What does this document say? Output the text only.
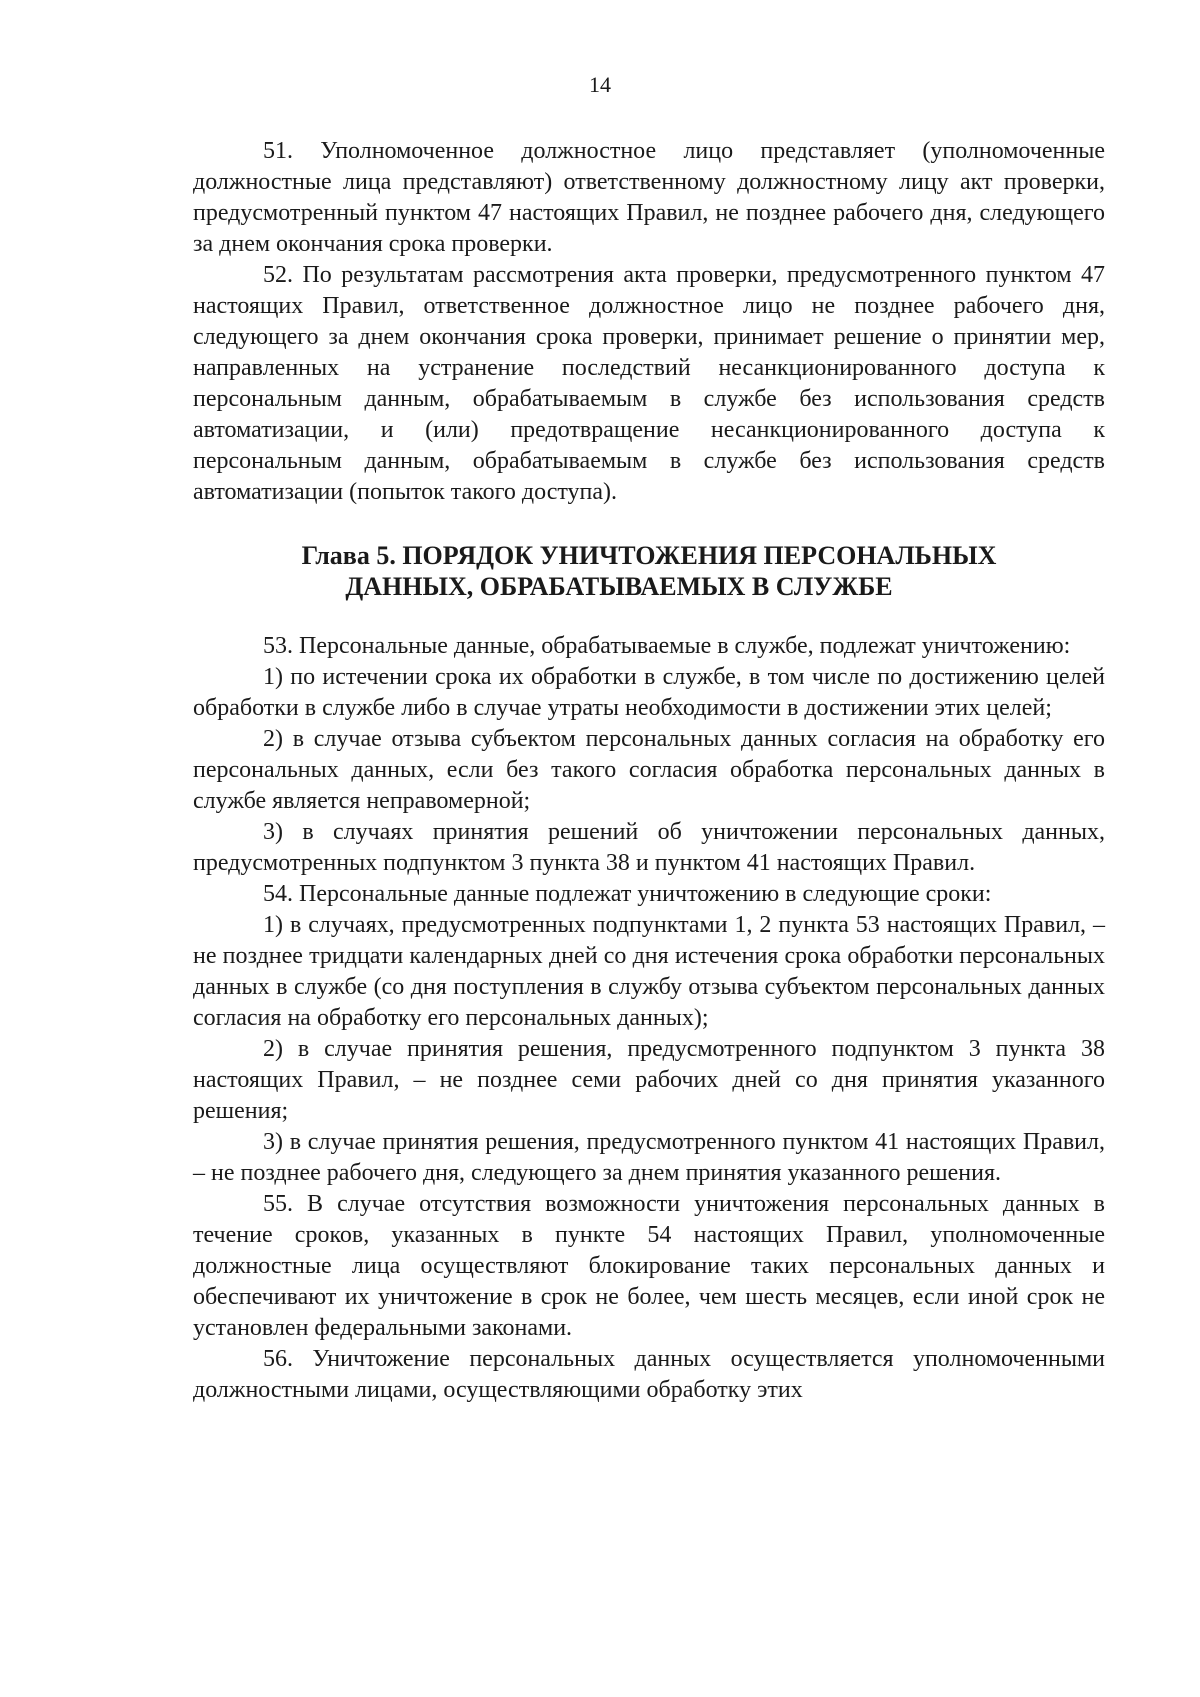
14

51. Уполномоченное должностное лицо представляет (уполномоченные должностные лица представляют) ответственному должностному лицу акт проверки, предусмотренный пунктом 47 настоящих Правил, не позднее рабочего дня, следующего за днем окончания срока проверки.

52. По результатам рассмотрения акта проверки, предусмотренного пунктом 47 настоящих Правил, ответственное должностное лицо не позднее рабочего дня, следующего за днем окончания срока проверки, принимает решение о принятии мер, направленных на устранение последствий несанкционированного доступа к персональным данным, обрабатываемым в службе без использования средств автоматизации, и (или) предотвращение несанкционированного доступа к персональным данным, обрабатываемым в службе без использования средств автоматизации (попыток такого доступа).

Глава 5. ПОРЯДОК УНИЧТОЖЕНИЯ ПЕРСОНАЛЬНЫХ
ДАННЫХ, ОБРАБАТЫВАЕМЫХ В СЛУЖБЕ

53. Персональные данные, обрабатываемые в службе, подлежат уничтожению:

1) по истечении срока их обработки в службе, в том числе по достижению целей обработки в службе либо в случае утраты необходимости в достижении этих целей;

2) в случае отзыва субъектом персональных данных согласия на обработку его персональных данных, если без такого согласия обработка персональных данных в службе является неправомерной;

3) в случаях принятия решений об уничтожении персональных данных, предусмотренных подпунктом 3 пункта 38 и пунктом 41 настоящих Правил.

54. Персональные данные подлежат уничтожению в следующие сроки:

1) в случаях, предусмотренных подпунктами 1, 2 пункта 53 настоящих Правил, – не позднее тридцати календарных дней со дня истечения срока обработки персональных данных в службе (со дня поступления в службу отзыва субъектом персональных данных согласия на обработку его персональных данных);

2) в случае принятия решения, предусмотренного подпунктом 3 пункта 38 настоящих Правил, – не позднее семи рабочих дней со дня принятия указанного решения;

3) в случае принятия решения, предусмотренного пунктом 41 настоящих Правил, – не позднее рабочего дня, следующего за днем принятия указанного решения.

55. В случае отсутствия возможности уничтожения персональных данных в течение сроков, указанных в пункте 54 настоящих Правил, уполномоченные должностные лица осуществляют блокирование таких персональных данных и обеспечивают их уничтожение в срок не более, чем шесть месяцев, если иной срок не установлен федеральными законами.

56. Уничтожение персональных данных осуществляется уполномоченными должностными лицами, осуществляющими обработку этих
